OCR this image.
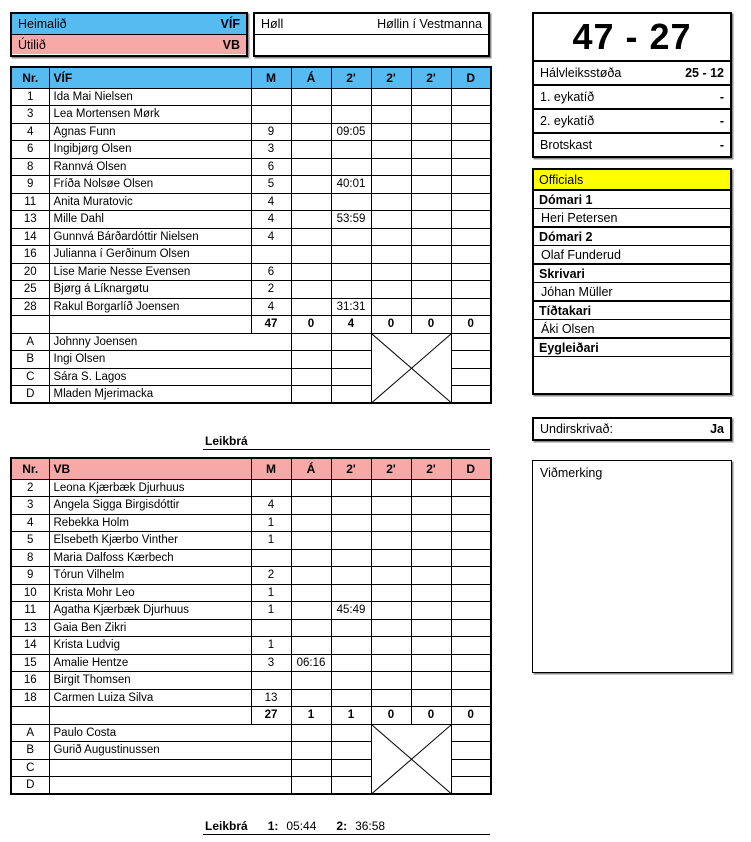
Heimalið	VÍF
Útilið	VB
Høll	Høllin í Vestmanna
Nr.	VÍF	M	Á	2'	2'	2'	D
1	Ida Mai Nielsen						
3	Lea Mortensen Mørk						
4	Agnas Funn	9		09:05			
6	Ingibjørg Olsen	3					
8	Rannvá Olsen	6					
9	Fríða Nolsøe Olsen	5		40:01			
11	Anita Muratovic	4					
13	Mille Dahl	4		53:59			
14	Gunnvá Bárðardóttir Nielsen	4					
16	Julianna í Gerðinum Olsen						
20	Lise Marie Nesse Evensen	6					
25	Bjørg á Líknargøtu	2					
28	Rakul Borgarlíð Joensen	4		31:31			
		47	0	4	0	0	0
A	Johnny Joensen			

B	Ingi Olsen						
C	Sára S. Lagos						
D	Mladen Mjerimacka						
Leikbrá
Nr.	VB	M	Á	2'	2'	2'	D
2	Leona Kjærbæk Djurhuus						
3	Angela Sigga Birgisdóttir	4					
4	Rebekka Holm	1					
5	Elsebeth Kjærbo Vinther	1					
8	Maria Dalfoss Kærbech						
9	Tórun Vilhelm	2					
10	Krista Mohr Leo	1					
11	Agatha Kjærbæk Djurhuus	1		45:49			
13	Gaia Ben Zikri						
14	Krista Ludvig	1					
15	Amalie Hentze	3	06:16				
16	Birgit Thomsen						
18	Carmen Luiza Silva	13					
		27	1	1	0	0	0
A	Paulo Costa			

B	Gurið Augustinussen						
C							
D							
Leikbrá 1: 05:44 2: 36:58
47 - 27
Hálvleiksstøða	25 - 12
1. eykatíð	-
2. eykatíð	-
Brotskast	-
Officials
Dómari 1
Heri Petersen
Dómari 2
Olaf Funderud
Skrivari
Jóhan Müller
Tíðtakari
Áki Olsen
Eygleiðari
Undirskrivað:	Ja
Viðmerking
